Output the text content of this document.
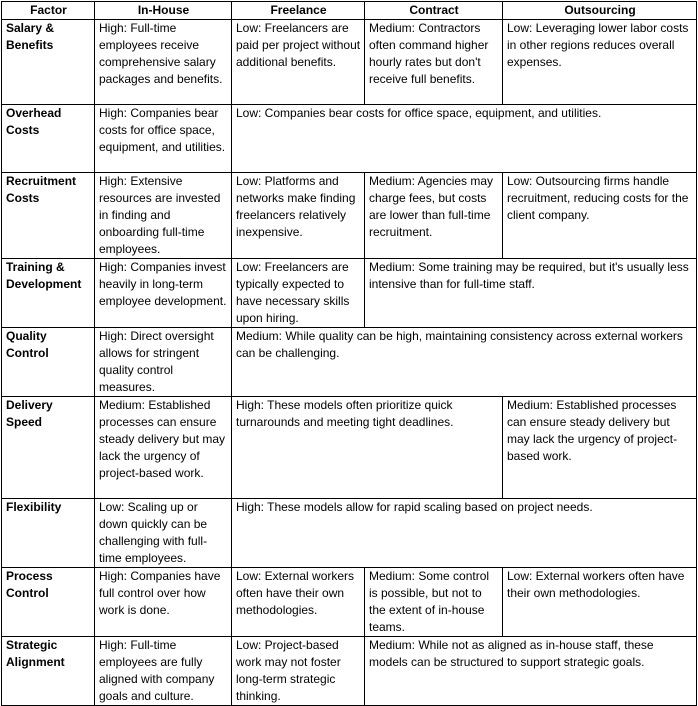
Factor	In-House	Freelance	Contract	Outsourcing
Salary & Benefits	High: Full-time employees receive comprehensive salary packages and benefits.	Low: Freelancers are paid per project without additional benefits.	Medium: Contractors often command higher hourly rates but don't receive full benefits.	Low: Leveraging lower labor costs in other regions reduces overall expenses.
Overhead Costs	High: Companies bear costs for office space, equipment, and utilities.	Low: Companies bear costs for office space, equipment, and utilities.		
Recruitment Costs	High: Extensive resources are invested in finding and onboarding full-time employees.	Low: Platforms and networks make finding freelancers relatively inexpensive.	Medium: Agencies may charge fees, but costs are lower than full-time recruitment.	Low: Outsourcing firms handle recruitment, reducing costs for the client company.
Training & Development	High: Companies invest heavily in long-term employee development.	Low: Freelancers are typically expected to have necessary skills upon hiring.	Medium: Some training may be required, but it's usually less intensive than for full-time staff.	
Quality Control	High: Direct oversight allows for stringent quality control measures.	Medium: While quality can be high, maintaining consistency across external workers can be challenging.		
Delivery Speed	Medium: Established processes can ensure steady delivery but may lack the urgency of project-based work.	High: These models often prioritize quick turnarounds and meeting tight deadlines.		Medium: Established processes can ensure steady delivery but may lack the urgency of project-based work.
Flexibility	Low: Scaling up or down quickly can be challenging with full-time employees.	High: These models allow for rapid scaling based on project needs.		
Process Control	High: Companies have full control over how work is done.	Low: External workers often have their own methodologies.	Medium: Some control is possible, but not to the extent of in-house teams.	Low: External workers often have their own methodologies.
Strategic Alignment	High: Full-time employees are fully aligned with company goals and culture.	Low: Project-based work may not foster long-term strategic thinking.	Medium: While not as aligned as in-house staff, these models can be structured to support strategic goals.	
